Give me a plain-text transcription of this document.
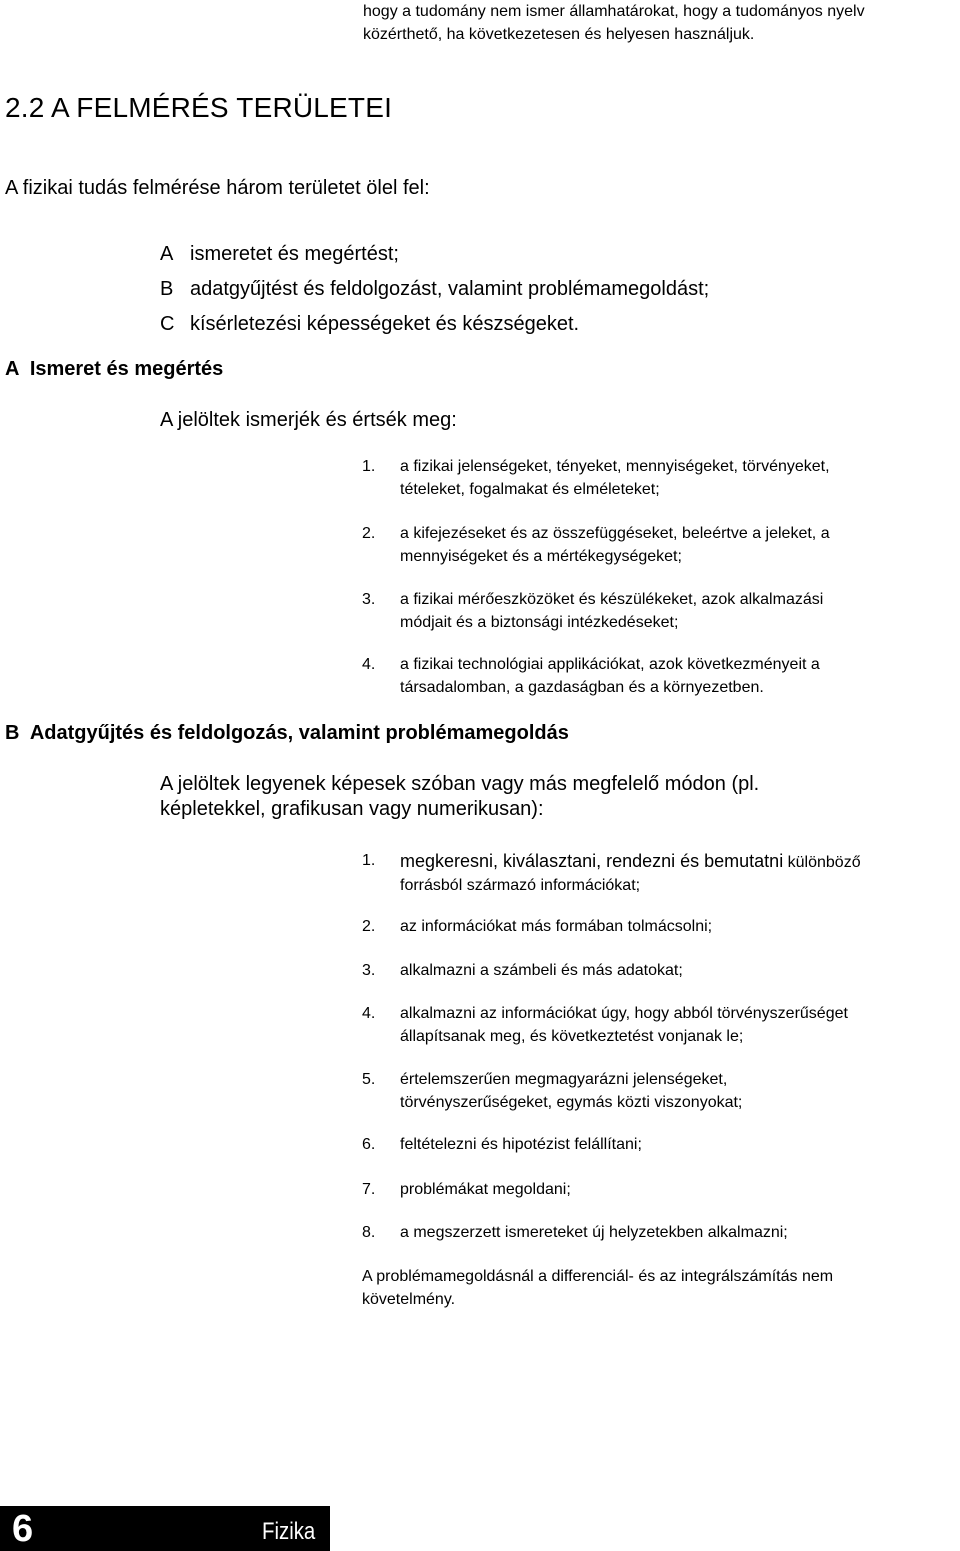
hogy a tudomány nem ismer államhatárokat, hogy a tudományos nyelv
közérthető, ha következetesen és helyesen használjuk.
2.2 A FELMÉRÉS TERÜLETEI
A fizikai tudás felmérése három területet ölel fel:
A ismeretet és megértést;
B adatgyűjtést és feldolgozást, valamint problémamegoldást;
C kísérletezési képességeket és készségeket.
A  Ismeret és megértés
A jelöltek ismerjék és értsék meg:
1.	a fizikai jelenségeket, tényeket, mennyiségeket, törvényeket,
tételeket, fogalmakat és elméleteket;
2.	a kifejezéseket és az összefüggéseket, beleértve a jeleket, a
mennyiségeket és a mértékegységeket;
3.	a fizikai mérőeszközöket és készülékeket, azok alkalmazási
módjait és a biztonsági intézkedéseket;
4.	a fizikai technológiai applikációkat, azok következményeit a
társadalomban, a gazdaságban és a környezetben.
B  Adatgyűjtés és feldolgozás, valamint problémamegoldás
A jelöltek legyenek képesek szóban vagy más megfelelő módon (pl.
képletekkel, grafikusan vagy numerikusan):
1.	megkeresni, kiválasztani, rendezni és bemutatni különböző
forrásból származó információkat;
2.	az információkat más formában tolmácsolni;
3.	alkalmazni a számbeli és más adatokat;
4.	alkalmazni az információkat úgy, hogy abból törvényszerűséget
állapítsanak meg, és következtetést vonjanak le;
5.	értelemszerűen megmagyarázni jelenségeket,
törvényszerűségeket, egymás közti viszonyokat;
6.	feltételezni és hipotézist felállítani;
7.	problémákat megoldani;
8.	a megszerzett ismereteket új helyzetekben alkalmazni;
A problémamegoldásnál a differenciál- és az integrálszámítás nem
követelmény.
6	Fizika
